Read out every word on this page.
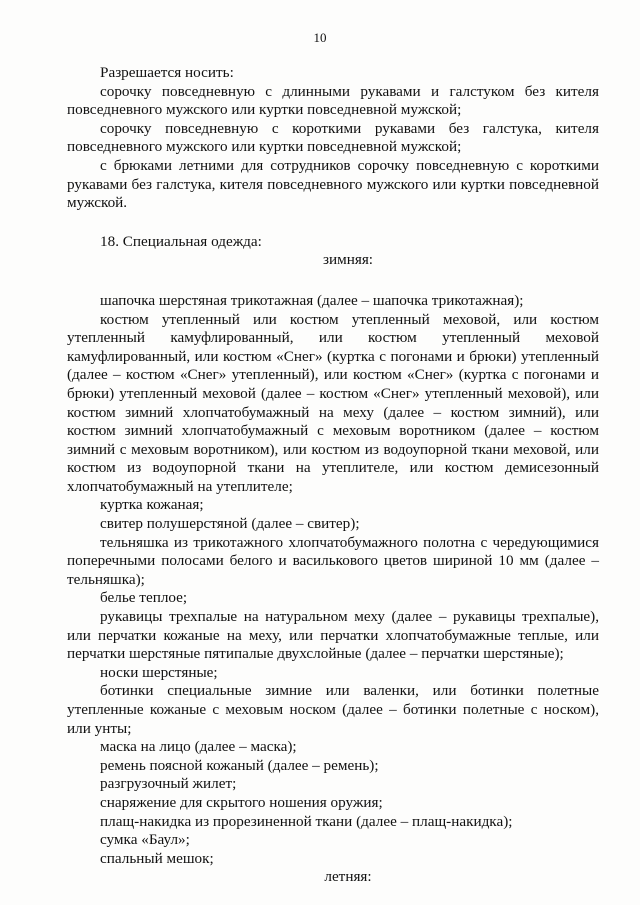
10

Разрешается носить:

сорочку повседневную с длинными рукавами и галстуком без кителя повседневного мужского или куртки повседневной мужской;

сорочку повседневную с короткими рукавами без галстука, кителя повседневного мужского или куртки повседневной мужской;

с брюками летними для сотрудников сорочку повседневную с короткими рукавами без галстука, кителя повседневного мужского или куртки повседневной мужской.

18. Специальная одежда:

зимняя:

шапочка шерстяная трикотажная (далее – шапочка трикотажная);

костюм утепленный или костюм утепленный меховой, или костюм утепленный камуфлированный, или костюм утепленный меховой камуфлированный, или костюм «Снег» (куртка с погонами и брюки) утепленный (далее – костюм «Снег» утепленный), или костюм «Снег» (куртка с погонами и брюки) утепленный меховой (далее – костюм «Снег» утепленный меховой), или костюм зимний хлопчатобумажный на меху (далее – костюм зимний), или костюм зимний хлопчатобумажный с меховым воротником (далее – костюм зимний с меховым воротником), или костюм из водоупорной ткани меховой, или костюм из водоупорной ткани на утеплителе, или костюм демисезонный хлопчатобумажный на утеплителе;

куртка кожаная;

свитер полушерстяной (далее – свитер);

тельняшка из трикотажного хлопчатобумажного полотна с чередующимися поперечными полосами белого и василькового цветов шириной 10 мм (далее – тельняшка);

белье теплое;

рукавицы трехпалые на натуральном меху (далее – рукавицы трехпалые), или перчатки кожаные на меху, или перчатки хлопчатобумажные теплые, или перчатки шерстяные пятипалые двухслойные (далее – перчатки шерстяные);

носки шерстяные;

ботинки специальные зимние или валенки, или ботинки полетные утепленные кожаные с меховым носком (далее – ботинки полетные с носком), или унты;

маска на лицо (далее – маска);

ремень поясной кожаный (далее – ремень);

разгрузочный жилет;

снаряжение для скрытого ношения оружия;

плащ-накидка из прорезиненной ткани (далее – плащ-накидка);

сумка «Баул»;

спальный мешок;

летняя:
